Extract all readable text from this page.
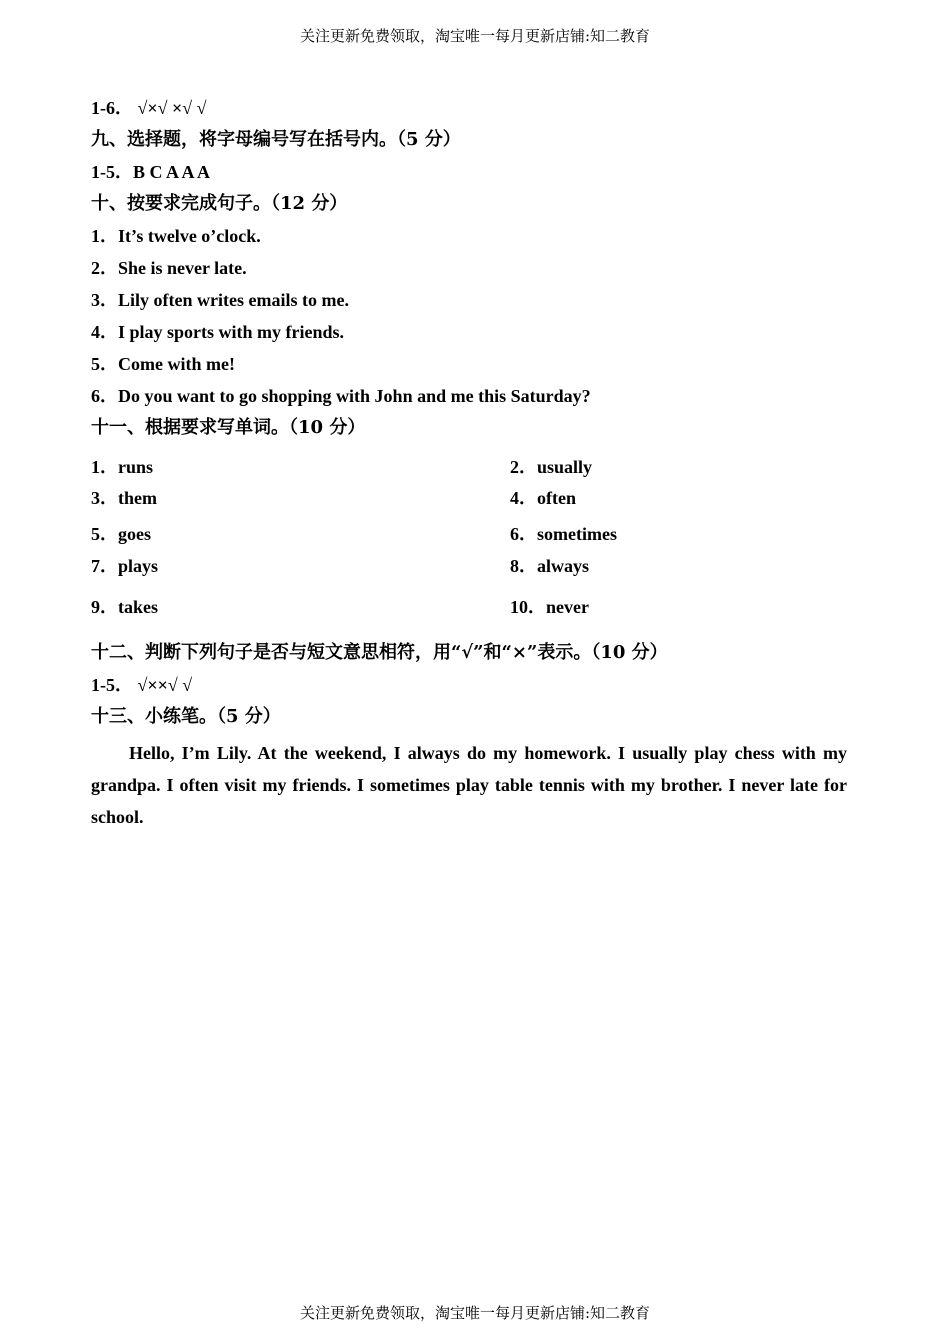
关注更新免费领取，淘宝唯一每月更新店铺:知二教育
1-6． √×√ ×√ √
九、选择题，将字母编号写在括号内。（5 分）
1-5．B C A A A
十、按要求完成句子。（12 分）
1．It’s twelve o’clock.
2．She is never late.
3．Lily often writes emails to me.
4．I play sports with my friends.
5．Come with me!
6．Do you want to go shopping with John and me this Saturday?
十一、根据要求写单词。（10 分）
1．runs	2．usually
3．them	4．often
5．goes	6．sometimes
7．plays	8．always
9．takes	10．never
十二、判断下列句子是否与短文意思相符，用“√”和“×”表示。（10 分）
1-5． √××√ √
十三、小练笔。（5 分）
Hello, I’m Lily. At the weekend, I always do my homework. I usually play chess with my grandpa. I often visit my friends. I sometimes play table tennis with my brother. I never late for school.
关注更新免费领取，淘宝唯一每月更新店铺:知二教育
